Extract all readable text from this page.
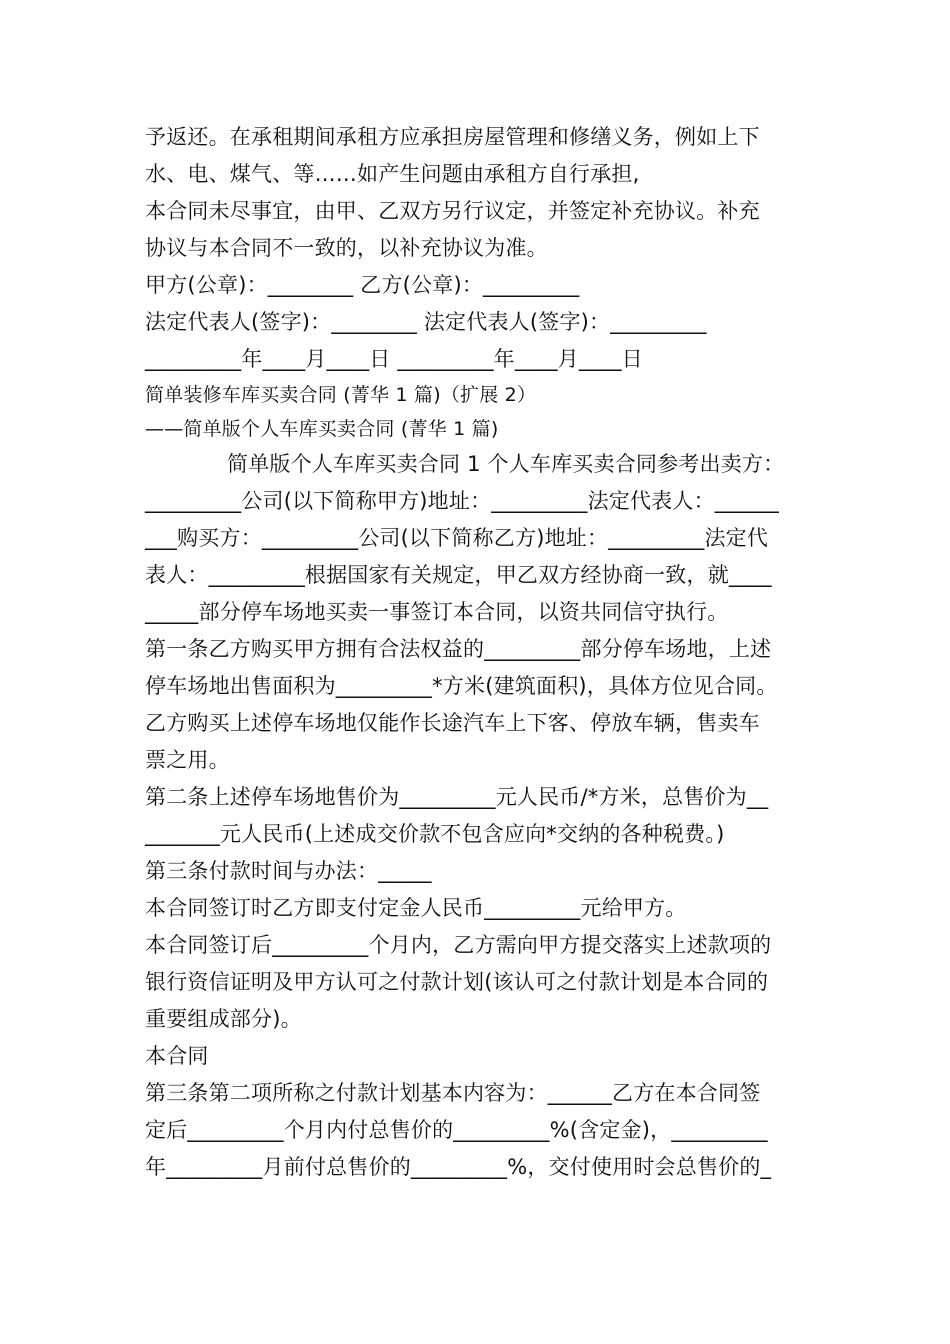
予返还。在承租期间承租方应承担房屋管理和修缮义务，例如上下
水、电、煤气、等……如产生问题由承租方自行承担,
本合同未尽事宜，由甲、乙双方另行议定，并签定补充协议。补充
协议与本合同不一致的，以补充协议为准。
甲方(公章)：________ 乙方(公章)：_________
法定代表人(签字)：________ 法定代表人(签字)：_________
_________年____月____日 _________年____月____日
简单装修车库买卖合同 (菁华 1 篇)（扩展 2）
——简单版个人车库买卖合同 (菁华 1 篇)
简单版个人车库买卖合同 1 个人车库买卖合同参考出卖方：
_________公司(以下简称甲方)地址：_________法定代表人：______
___购买方：_________公司(以下简称乙方)地址：_________法定代
表人：_________根据国家有关规定，甲乙双方经协商一致，就____
_____部分停车场地买卖一事签订本合同，以资共同信守执行。
第一条乙方购买甲方拥有合法权益的_________部分停车场地，上述
停车场地出售面积为_________*方米(建筑面积)，具体方位见合同。
乙方购买上述停车场地仅能作长途汽车上下客、停放车辆，售卖车
票之用。
第二条上述停车场地售价为_________元人民币/*方米，总售价为__
_______元人民币(上述成交价款不包含应向*交纳的各种税费。)
第三条付款时间与办法：_____
本合同签订时乙方即支付定金人民币_________元给甲方。
本合同签订后_________个月内，乙方需向甲方提交落实上述款项的
银行资信证明及甲方认可之付款计划(该认可之付款计划是本合同的
重要组成部分)。
本合同
第三条第二项所称之付款计划基本内容为：______乙方在本合同签
定后_________个月内付总售价的_________%(含定金)，_________
年_________月前付总售价的_________%，交付使用时会总售价的_
